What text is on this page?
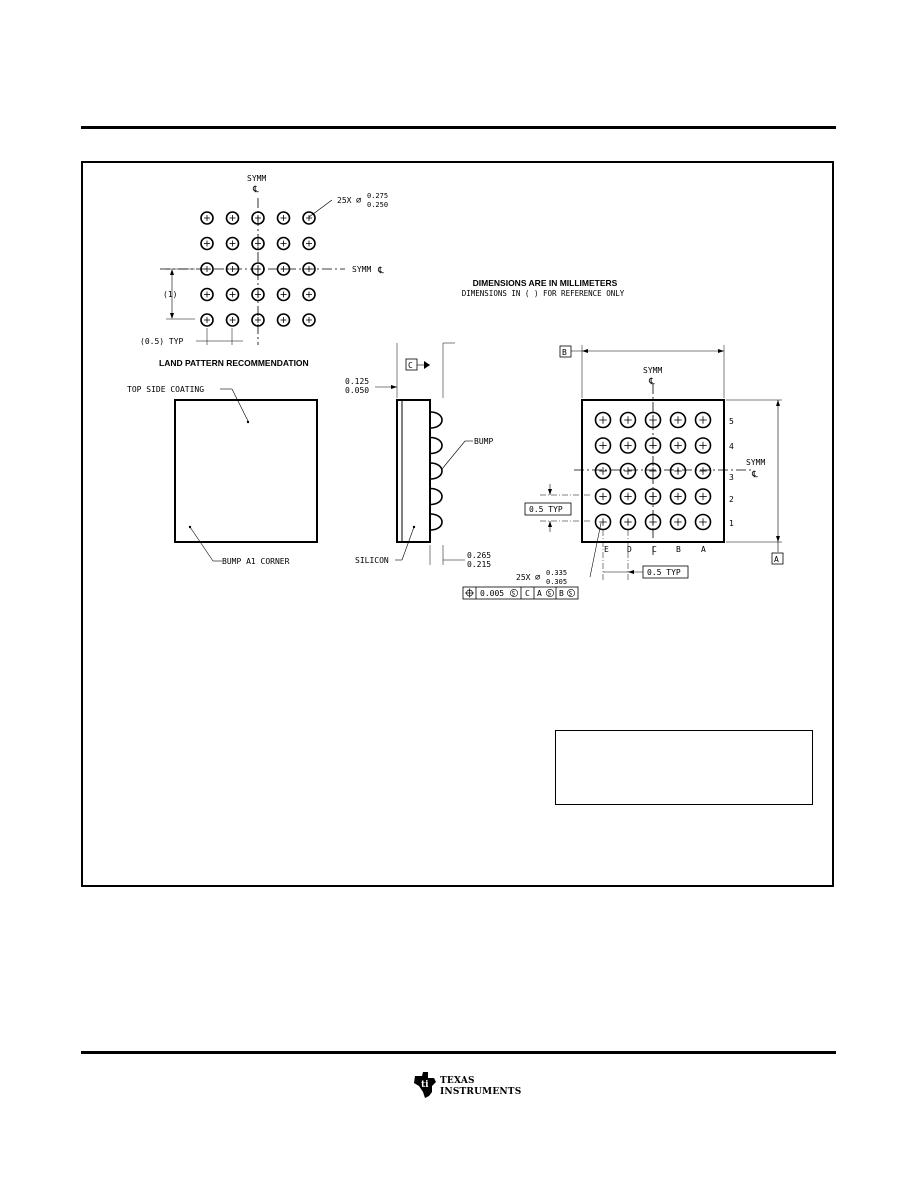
SYMM
℄
SYMM ℄
25X ⌀ 0.275
0.250
(1)
(0.5) TYP
LAND PATTERN RECOMMENDATION
DIMENSIONS ARE IN MILLIMETERS
DIMENSIONS IN ( ) FOR REFERENCE ONLY
TOP SIDE COATING
BUMP A1 CORNER
C
0.125
0.050
BUMP
SILICON
0.265
0.215
SYMM
℄
SYMM
℄
B
A
5
4
3
2
1
E D	C B	A
0.5 TYP
0.5 TYP
25X ⌀ 0.335
0.305
0.005 S C A S B S
ti TEXAS
INSTRUMENTS
